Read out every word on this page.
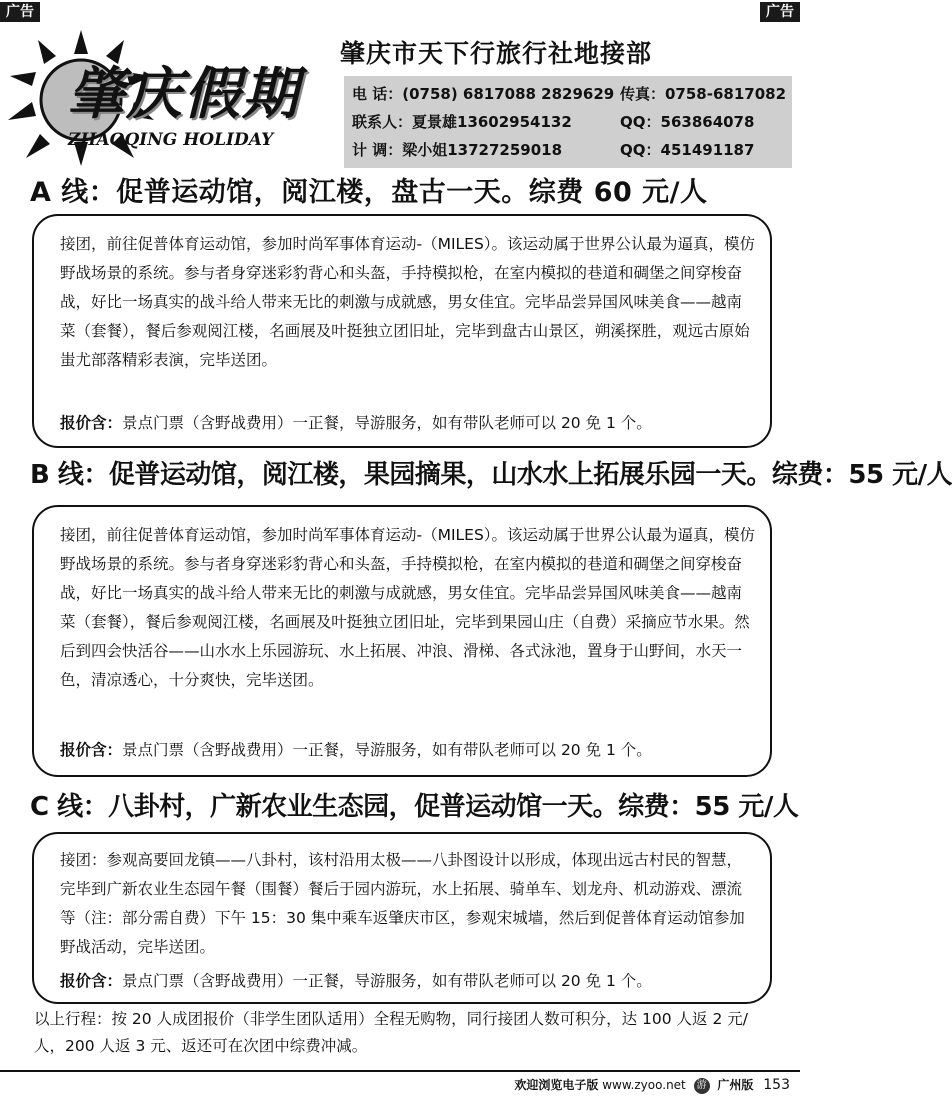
广告	广告
肇庆假期
ZHAOQING HOLIDAY
肇庆市天下行旅行社地接部
电 话：(0758) 6817088 2829629 传真：0758-6817082
联系人：夏景雄13602954132	QQ：563864078
计 调：梁小姐13727259018	QQ：451491187
A 线：促普运动馆，阅江楼，盘古一天。综费 60 元/人
接团，前往促普体育运动馆，参加时尚军事体育运动-（MILES）。该运动属于世界公认最为逼真，模仿野战场景的系统。参与者身穿迷彩豹背心和头盔，手持模拟枪，在室内模拟的巷道和碉堡之间穿梭奋战，好比一场真实的战斗给人带来无比的刺激与成就感，男女佳宜。完毕品尝异国风味美食——越南菜（套餐），餐后参观阅江楼，名画展及叶挺独立团旧址，完毕到盘古山景区，朔溪探胜，观远古原始蚩尤部落精彩表演，完毕送团。
报价含：景点门票（含野战费用）一正餐，导游服务，如有带队老师可以 20 免 1 个。
B 线：促普运动馆，阅江楼，果园摘果，山水水上拓展乐园一天。综费：55 元/人
接团，前往促普体育运动馆，参加时尚军事体育运动-（MILES）。该运动属于世界公认最为逼真，模仿野战场景的系统。参与者身穿迷彩豹背心和头盔，手持模拟枪，在室内模拟的巷道和碉堡之间穿梭奋战，好比一场真实的战斗给人带来无比的刺激与成就感，男女佳宜。完毕品尝异国风味美食——越南菜（套餐），餐后参观阅江楼，名画展及叶挺独立团旧址，完毕到果园山庄（自费）采摘应节水果。然后到四会快活谷——山水水上乐园游玩、水上拓展、冲浪、滑梯、各式泳池，置身于山野间，水天一色，清凉透心，十分爽快，完毕送团。
报价含：景点门票（含野战费用）一正餐，导游服务，如有带队老师可以 20 免 1 个。
C 线：八卦村，广新农业生态园，促普运动馆一天。综费：55 元/人
接团：参观高要回龙镇——八卦村，该村沿用太极——八卦图设计以形成，体现出远古村民的智慧，完毕到广新农业生态园午餐（围餐）餐后于园内游玩，水上拓展、骑单车、划龙舟、机动游戏、漂流等（注：部分需自费）下午 15：30 集中乘车返肇庆市区，参观宋城墙，然后到促普体育运动馆参加野战活动，完毕送团。
报价含：景点门票（含野战费用）一正餐，导游服务，如有带队老师可以 20 免 1 个。
以上行程：按 20 人成团报价（非学生团队适用）全程无购物，同行接团人数可积分，达 100 人返 2 元/人，200 人返 3 元、返还可在次团中综费冲减。
欢迎浏览电子版 www.zyoo.net 游 广州版 153
